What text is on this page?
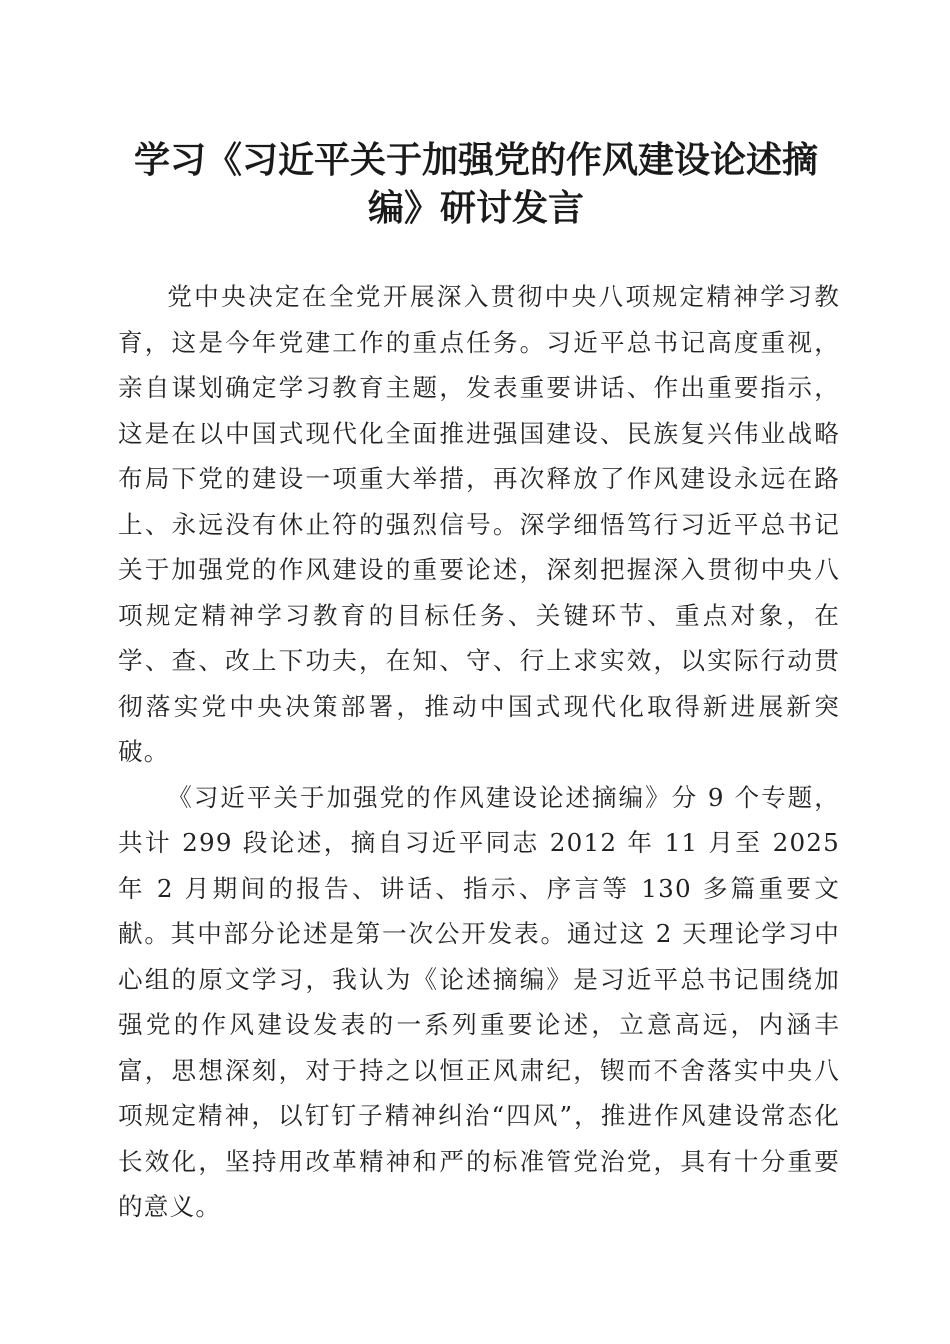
学习《习近平关于加强党的作风建设论述摘
编》研讨发言

党中央决定在全党开展深入贯彻中央八项规定精神学习教育，这是今年党建工作的重点任务。习近平总书记高度重视，亲自谋划确定学习教育主题，发表重要讲话、作出重要指示，这是在以中国式现代化全面推进强国建设、民族复兴伟业战略布局下党的建设一项重大举措，再次释放了作风建设永远在路上、永远没有休止符的强烈信号。深学细悟笃行习近平总书记关于加强党的作风建设的重要论述，深刻把握深入贯彻中央八项规定精神学习教育的目标任务、关键环节、重点对象，在学、查、改上下功夫，在知、守、行上求实效，以实际行动贯彻落实党中央决策部署，推动中国式现代化取得新进展新突破。

《习近平关于加强党的作风建设论述摘编》分 9 个专题，共计 299 段论述，摘自习近平同志 2012 年 11 月至 2025 年 2 月期间的报告、讲话、指示、序言等 130 多篇重要文献。其中部分论述是第一次公开发表。通过这 2 天理论学习中心组的原文学习，我认为《论述摘编》是习近平总书记围绕加强党的作风建设发表的一系列重要论述，立意高远，内涵丰富，思想深刻，对于持之以恒正风肃纪，锲而不舍落实中央八项规定精神，以钉钉子精神纠治“四风”，推进作风建设常态化长效化，坚持用改革精神和严的标准管党治党，具有十分重要的意义。
